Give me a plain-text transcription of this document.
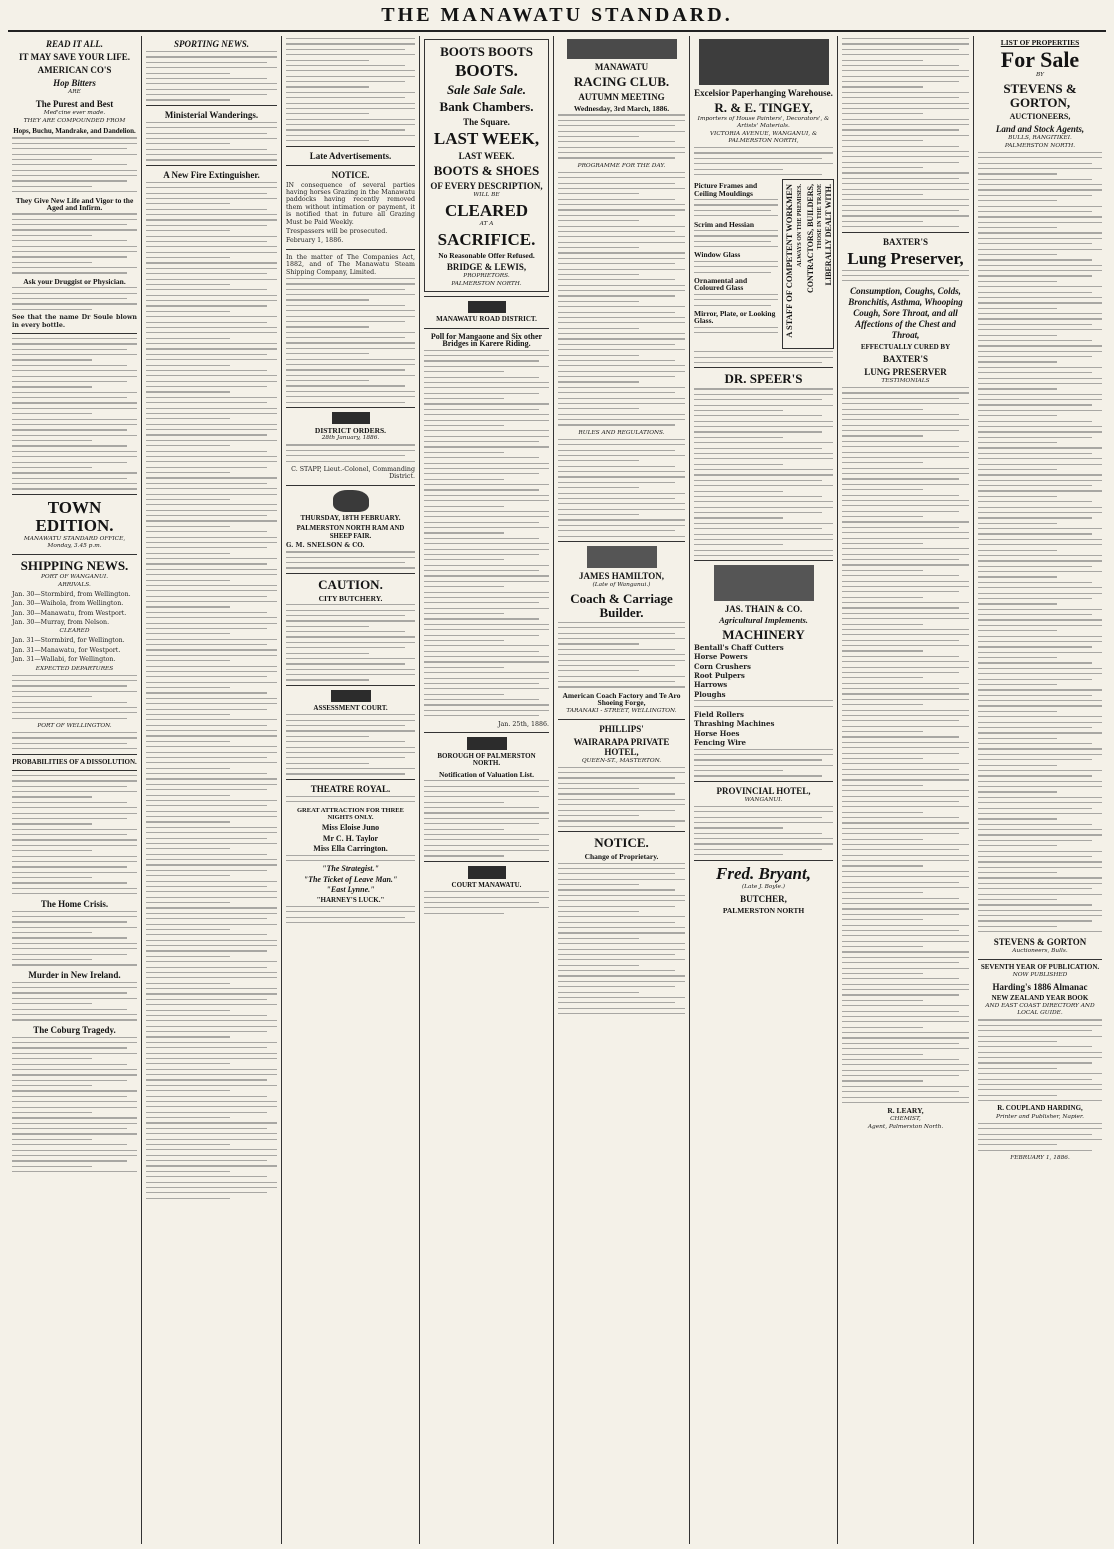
THE MANAWATU STANDARD.
READ IT ALL.
IT MAY SAVE YOUR LIFE.
AMERICAN CO'S
Hop Bitters
ARE
The Purest and Best
Med'cine ever made.
THEY ARE COMPOUNDED FROM
Hops, Buchu, Mandrake, and Dandelion.
They Give New Life and Vigor to the Aged and Infirm.
Ask your Druggist or Physician.
See that the name Dr Soule blown in every bottle.
TOWN EDITION.
MANAWATU STANDARD OFFICE, Monday, 3.45 p.m.
SHIPPING NEWS.
PORT OF WANGANUI.
ARRIVALS.
Jan. 30—Stormbird, from Wellington.
Jan. 30—Waihola, from Wellington.
Jan. 30—Manawatu, from Westport.
Jan. 30—Murray, from Nelson.
CLEARED
Jan. 31—Stormbird, for Wellington.
Jan. 31—Manawatu, for Westport.
Jan. 31—Wallabi, for Wellington.
EXPECTED DEPARTURES
PORT OF WELLINGTON.
PROBABILITIES OF A DISSOLUTION.
The Home Crisis.
Murder in New Ireland.
The Coburg Tragedy.
SPORTING NEWS.
Ministerial Wanderings.
A New Fire Extinguisher.
Late Advertisements.
NOTICE.
IN consequence of several parties having horses Grazing in the Manawatu paddocks having recently removed them without intimation or payment, it is notified that in future all Grazing Must be Paid Weekly.
Trespassers will be prosecuted.
February 1, 1886.
In the matter of The Companies Act, 1882, and of The Manawatu Steam Shipping Company, Limited.
DISTRICT ORDERS.
28th January, 1886.
C. STAPP, Lieut.-Colonel, Commanding District.
THURSDAY, 18TH FEBRUARY.
PALMERSTON NORTH RAM AND SHEEP FAIR.
G. M. SNELSON & CO.
CAUTION.
CITY BUTCHERY.
ASSESSMENT COURT.
THEATRE ROYAL.
GREAT ATTRACTION FOR THREE NIGHTS ONLY.
Miss Eloise Juno
Mr C. H. Taylor
Miss Ella Carrington.
"The Strategist."
"The Ticket of Leave Man."
"East Lynne."
"HARNEY'S LUCK."
BOOTS BOOTS
BOOTS.
Sale Sale Sale.
Bank Chambers.
The Square.
LAST WEEK,
LAST WEEK.
BOOTS & SHOES
OF EVERY DESCRIPTION,
WILL BE
CLEARED
AT A
SACRIFICE.
No Reasonable Offer Refused.
BRIDGE & LEWIS,
PROPRIETORS.
PALMERSTON NORTH.
MANAWATU ROAD DISTRICT.
Poll for Mangaone and Six other Bridges in Karere Riding.
Jan. 25th, 1886.
BOROUGH OF PALMERSTON NORTH.
Notification of Valuation List.
COURT MANAWATU.
MANAWATU
RACING CLUB.
AUTUMN MEETING
Wednesday, 3rd March, 1886.
PROGRAMME FOR THE DAY.
RULES AND REGULATIONS.
JAMES HAMILTON,
(Late of Wanganui.)
Coach & Carriage Builder.
American Coach Factory and Te Aro Shoeing Forge,
TARANAKI - STREET, WELLINGTON.
PHILLIPS'
WAIRARAPA PRIVATE HOTEL,
QUEEN-ST., MASTERTON.
NOTICE.
Change of Proprietary.
Excelsior Paperhanging Warehouse.
R. & E. TINGEY,
Importers of House Painters', Decorators', & Artists' Materials.
VICTORIA AVENUE, WANGANUI, & PALMERSTON NORTH,
Picture Frames and Ceiling Mouldings
Scrim and Hessian
Window Glass
Ornamental and Coloured Glass
Mirror, Plate, or Looking Glass.	A STAFF OF COMPETENT WORKMEN ALWAYS ON THE PREMISES. CONTRACTORS, BUILDERS, THOSE IN THE TRADE LIBERALLY DEALT WITH.
DR. SPEER'S
JAS. THAIN & CO.
Agricultural Implements.
MACHINERY
Bentall's Chaff Cutters
Horse Powers
Corn Crushers
Root Pulpers
Harrows
Ploughs
Field Rollers
Thrashing Machines
Horse Hoes
Fencing Wire
PROVINCIAL HOTEL,
WANGANUI.
Fred. Bryant,
(Late J. Boyle.)
BUTCHER,
PALMERSTON NORTH
BAXTER'S
Lung Preserver,
Consumption, Coughs, Colds, Bronchitis, Asthma, Whooping Cough, Sore Throat, and all Affections of the Chest and Throat,
EFFECTUALLY CURED BY
BAXTER'S
LUNG PRESERVER
TESTIMONIALS
R. LEARY,
CHEMIST,
Agent, Palmerston North.
LIST OF PROPERTIES
For Sale
BY
STEVENS & GORTON,
AUCTIONEERS,
Land and Stock Agents,
BULLS, RANGITIKEI.
PALMERSTON NORTH.
STEVENS & GORTON
Auctioneers, Bulls.
SEVENTH YEAR OF PUBLICATION.
NOW PUBLISHED
Harding's 1886 Almanac
NEW ZEALAND YEAR BOOK
AND EAST COAST DIRECTORY AND LOCAL GUIDE.
R. COUPLAND HARDING,
Printer and Publisher, Napier.
FEBRUARY 1, 1886.
